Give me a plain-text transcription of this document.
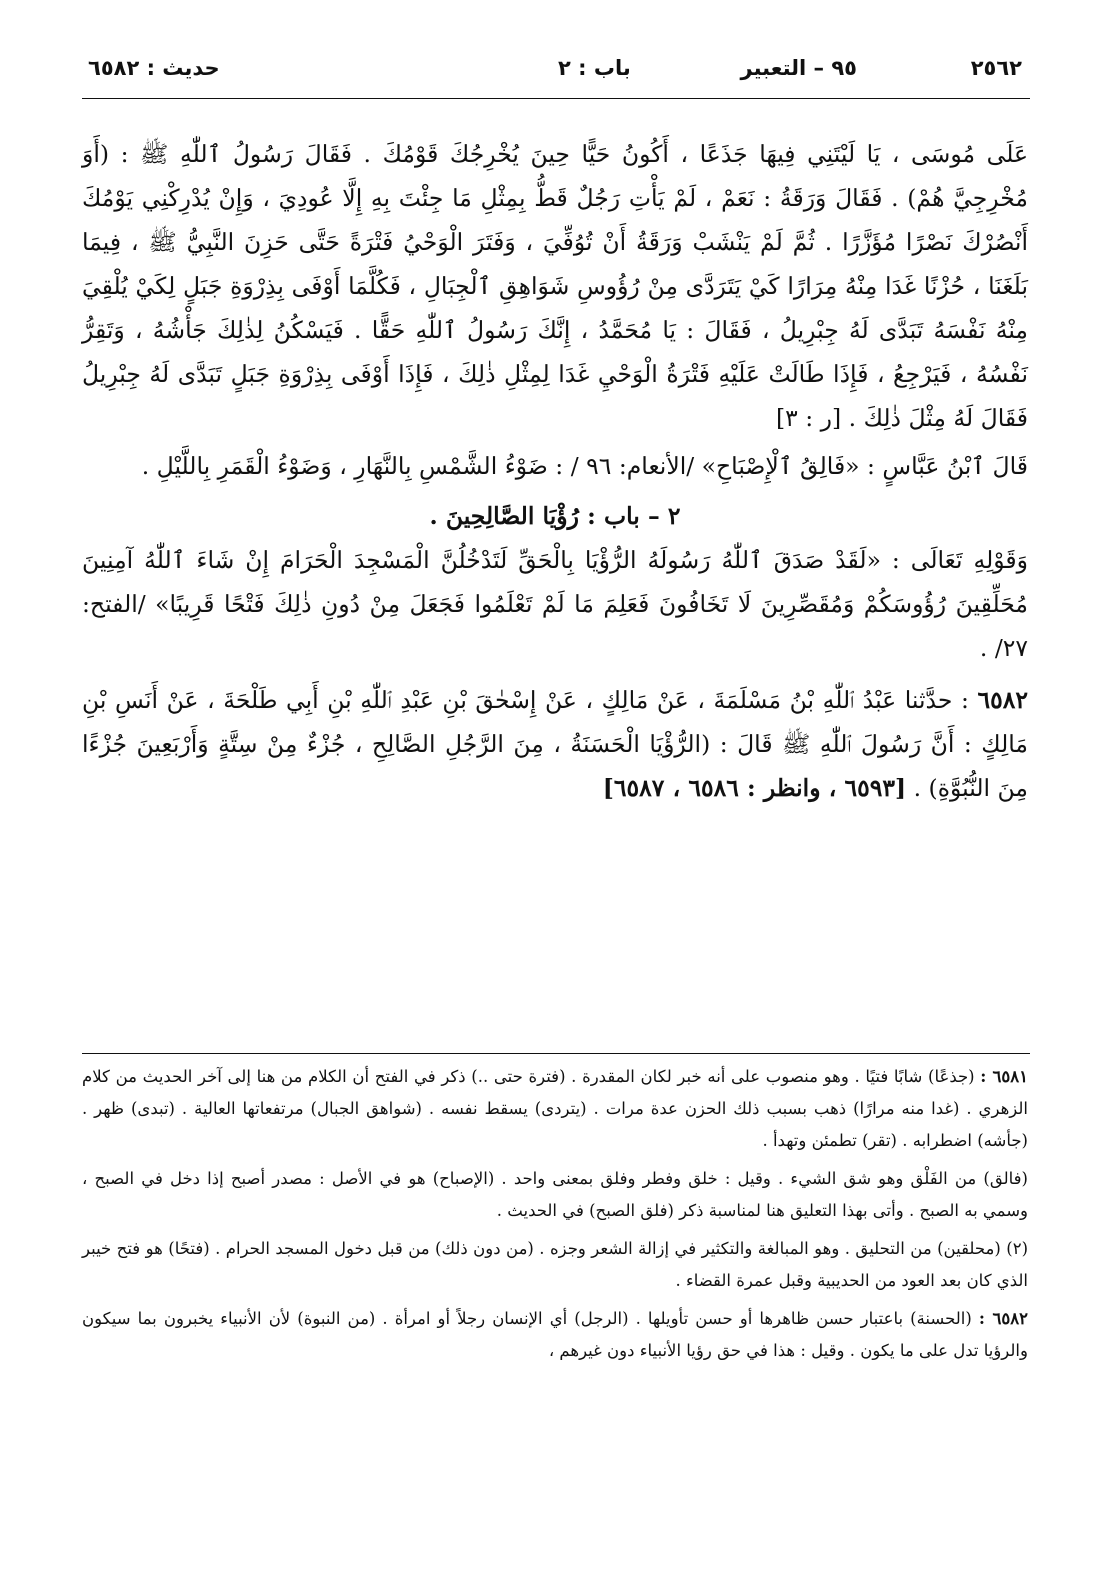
٢٥٦٢
٩٥ – التعبير
باب : ٢
حديث : ٦٥٨٢

عَلَى مُوسَى ، يَا لَيْتَنِي فِيهَا جَذَعًا ، أَكُونُ حَيًّا حِينَ يُخْرِجُكَ قَوْمُكَ . فَقَالَ رَسُولُ ٱللّٰهِ ﷺ : (أَوَ مُخْرِجِيَّ هُمْ) . فَقَالَ وَرَقَةُ : نَعَمْ ، لَمْ يَأْتِ رَجُلٌ قَطُّ بِمِثْلِ مَا جِئْتَ بِهِ إِلَّا عُودِيَ ، وَإِنْ يُدْرِكْنِي يَوْمُكَ أَنْصُرْكَ نَصْرًا مُؤَزَّرًا . ثُمَّ لَمْ يَنْشَبْ وَرَقَةُ أَنْ تُوُفِّيَ ، وَفَتَرَ الْوَحْيُ فَتْرَةً حَتَّى حَزِنَ النَّبِيُّ ﷺ ، فِيمَا بَلَغَنَا ، حُزْنًا غَدَا مِنْهُ مِرَارًا كَيْ يَتَرَدَّى مِنْ رُؤُوسِ شَوَاهِقِ ٱلْجِبَالِ ، فَكُلَّمَا أَوْفَى بِذِرْوَةِ جَبَلٍ لِكَيْ يُلْقِيَ مِنْهُ نَفْسَهُ تَبَدَّى لَهُ جِبْرِيلُ ، فَقَالَ : يَا مُحَمَّدُ ، إِنَّكَ رَسُولُ ٱللّٰهِ حَقًّا . فَيَسْكُنُ لِذٰلِكَ جَأْشُهُ ، وَتَقِرُّ نَفْسُهُ ، فَيَرْجِعُ ، فَإِذَا طَالَتْ عَلَيْهِ فَتْرَةُ الْوَحْيِ غَدَا لِمِثْلِ ذٰلِكَ ، فَإِذَا أَوْفَى بِذِرْوَةِ جَبَلٍ تَبَدَّى لَهُ جِبْرِيلُ فَقَالَ لَهُ مِثْلَ ذٰلِكَ . [ر : ٣]

قَالَ ٱبْنُ عَبَّاسٍ : «فَالِقُ ٱلْإِصْبَاحِ» /الأنعام: ٩٦ / : ضَوْءُ الشَّمْسِ بِالنَّهَارِ ، وَضَوْءُ الْقَمَرِ بِاللَّيْلِ .

٢ – باب : رُؤْيَا الصَّالِحِينَ .

وَقَوْلِهِ تَعَالَى : «لَقَدْ صَدَقَ ٱللّٰهُ رَسُولَهُ الرُّؤْيَا بِالْحَقِّ لَتَدْخُلُنَّ الْمَسْجِدَ الْحَرَامَ إِنْ شَاءَ ٱللّٰهُ آمِنِينَ مُحَلِّقِينَ رُؤُوسَكُمْ وَمُقَصِّرِينَ لَا تَخَافُونَ فَعَلِمَ مَا لَمْ تَعْلَمُوا فَجَعَلَ مِنْ دُونِ ذٰلِكَ فَتْحًا قَرِيبًا» /الفتح: ٢٧/ .

٦٥٨٢ : حدَّثنا عَبْدُ ٱللّٰهِ بْنُ مَسْلَمَةَ ، عَنْ مَالِكٍ ، عَنْ إِسْحٰقَ بْنِ عَبْدِ ٱللّٰهِ بْنِ أَبِي طَلْحَةَ ، عَنْ أَنَسِ بْنِ مَالِكٍ : أَنَّ رَسُولَ ٱللّٰهِ ﷺ قَالَ : (الرُّؤْيَا الْحَسَنَةُ ، مِنَ الرَّجُلِ الصَّالِحِ ، جُزْءٌ مِنْ سِتَّةٍ وَأَرْبَعِينَ جُزْءًا مِنَ النُّبُوَّةِ) . [٦٥٩٣ ، وانظر : ٦٥٨٦ ، ٦٥٨٧]

٦٥٨١ : (جذعًا) شابًا فتيًا . وهو منصوب على أنه خبر لكان المقدرة . (فترة حتى ..) ذكر في الفتح أن الكلام من هنا إلى آخر الحديث من كلام الزهري . (غدا منه مرارًا) ذهب بسبب ذلك الحزن عدة مرات . (يتردى) يسقط نفسه . (شواهق الجبال) مرتفعاتها العالية . (تبدى) ظهر . (جأشه) اضطرابه . (تقر) تطمئن وتهدأ .

(فالق) من الفَلْق وهو شق الشيء . وقيل : خلق وفطر وفلق بمعنى واحد . (الإصباح) هو في الأصل : مصدر أصبح إذا دخل في الصبح ، وسمي به الصبح . وأتى بهذا التعليق هنا لمناسبة ذكر (فلق الصبح) في الحديث .

(٢) (محلقين) من التحليق . وهو المبالغة والتكثير في إزالة الشعر وجزه . (من دون ذلك) من قبل دخول المسجد الحرام . (فتحًا) هو فتح خيبر الذي كان بعد العود من الحديبية وقبل عمرة القضاء .

٦٥٨٢ : (الحسنة) باعتبار حسن ظاهرها أو حسن تأويلها . (الرجل) أي الإنسان رجلاً أو امرأة . (من النبوة) لأن الأنبياء يخبرون بما سيكون والرؤيا تدل على ما يكون . وقيل : هذا في حق رؤيا الأنبياء دون غيرهم ،
